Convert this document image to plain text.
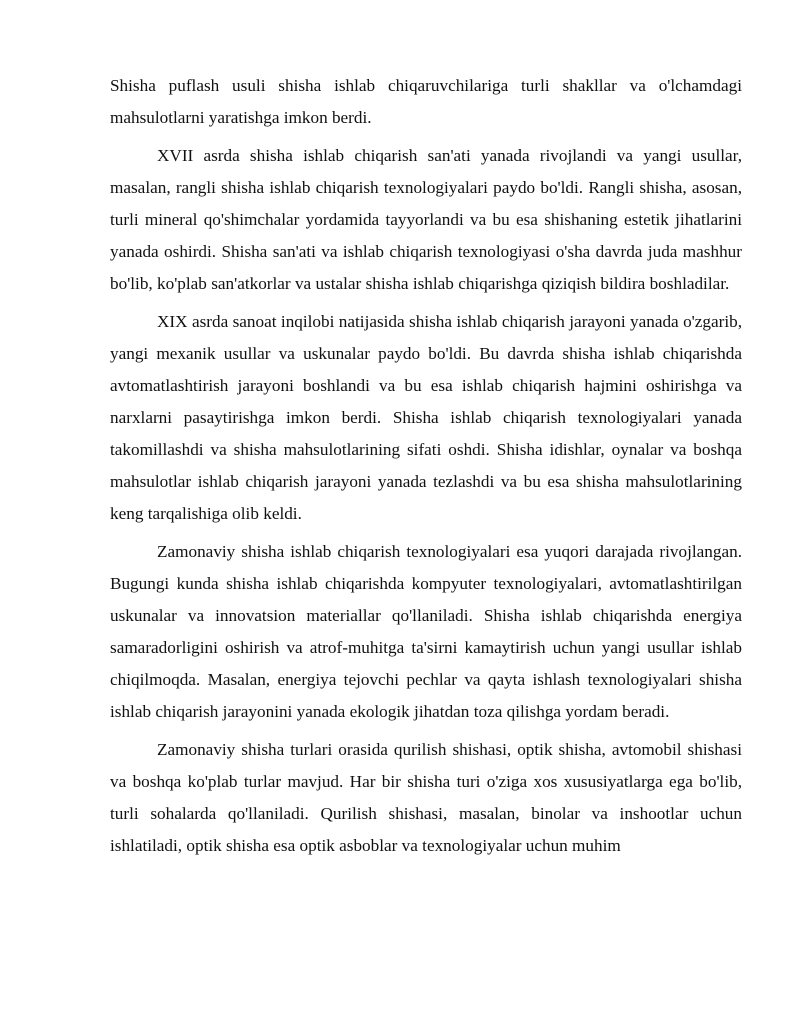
Shisha puflash usuli shisha ishlab chiqaruvchilariga turli shakllar va o'lchamdagi mahsulotlarni yaratishga imkon berdi.

XVII asrda shisha ishlab chiqarish san'ati yanada rivojlandi va yangi usullar, masalan, rangli shisha ishlab chiqarish texnologiyalari paydo bo'ldi. Rangli shisha, asosan, turli mineral qo'shimchalar yordamida tayyorlandi va bu esa shishaning estetik jihatlarini yanada oshirdi. Shisha san'ati va ishlab chiqarish texnologiyasi o'sha davrda juda mashhur bo'lib, ko'plab san'atkorlar va ustalar shisha ishlab chiqarishga qiziqish bildira boshladilar.

XIX asrda sanoat inqilobi natijasida shisha ishlab chiqarish jarayoni yanada o'zgarib, yangi mexanik usullar va uskunalar paydo bo'ldi. Bu davrda shisha ishlab chiqarishda avtomatlashtirish jarayoni boshlandi va bu esa ishlab chiqarish hajmini oshirishga va narxlarni pasaytirishga imkon berdi. Shisha ishlab chiqarish texnologiyalari yanada takomillashdi va shisha mahsulotlarining sifati oshdi. Shisha idishlar, oynalar va boshqa mahsulotlar ishlab chiqarish jarayoni yanada tezlashdi va bu esa shisha mahsulotlarining keng tarqalishiga olib keldi.

Zamonaviy shisha ishlab chiqarish texnologiyalari esa yuqori darajada rivojlangan. Bugungi kunda shisha ishlab chiqarishda kompyuter texnologiyalari, avtomatlashtirilgan uskunalar va innovatsion materiallar qo'llaniladi. Shisha ishlab chiqarishda energiya samaradorligini oshirish va atrof-muhitga ta'sirni kamaytirish uchun yangi usullar ishlab chiqilmoqda. Masalan, energiya tejovchi pechlar va qayta ishlash texnologiyalari shisha ishlab chiqarish jarayonini yanada ekologik jihatdan toza qilishga yordam beradi.

Zamonaviy shisha turlari orasida qurilish shishasi, optik shisha, avtomobil shishasi va boshqa ko'plab turlar mavjud. Har bir shisha turi o'ziga xos xususiyatlarga ega bo'lib, turli sohalarda qo'llaniladi. Qurilish shishasi, masalan, binolar va inshootlar uchun ishlatiladi, optik shisha esa optik asboblar va texnologiyalar uchun muhim
